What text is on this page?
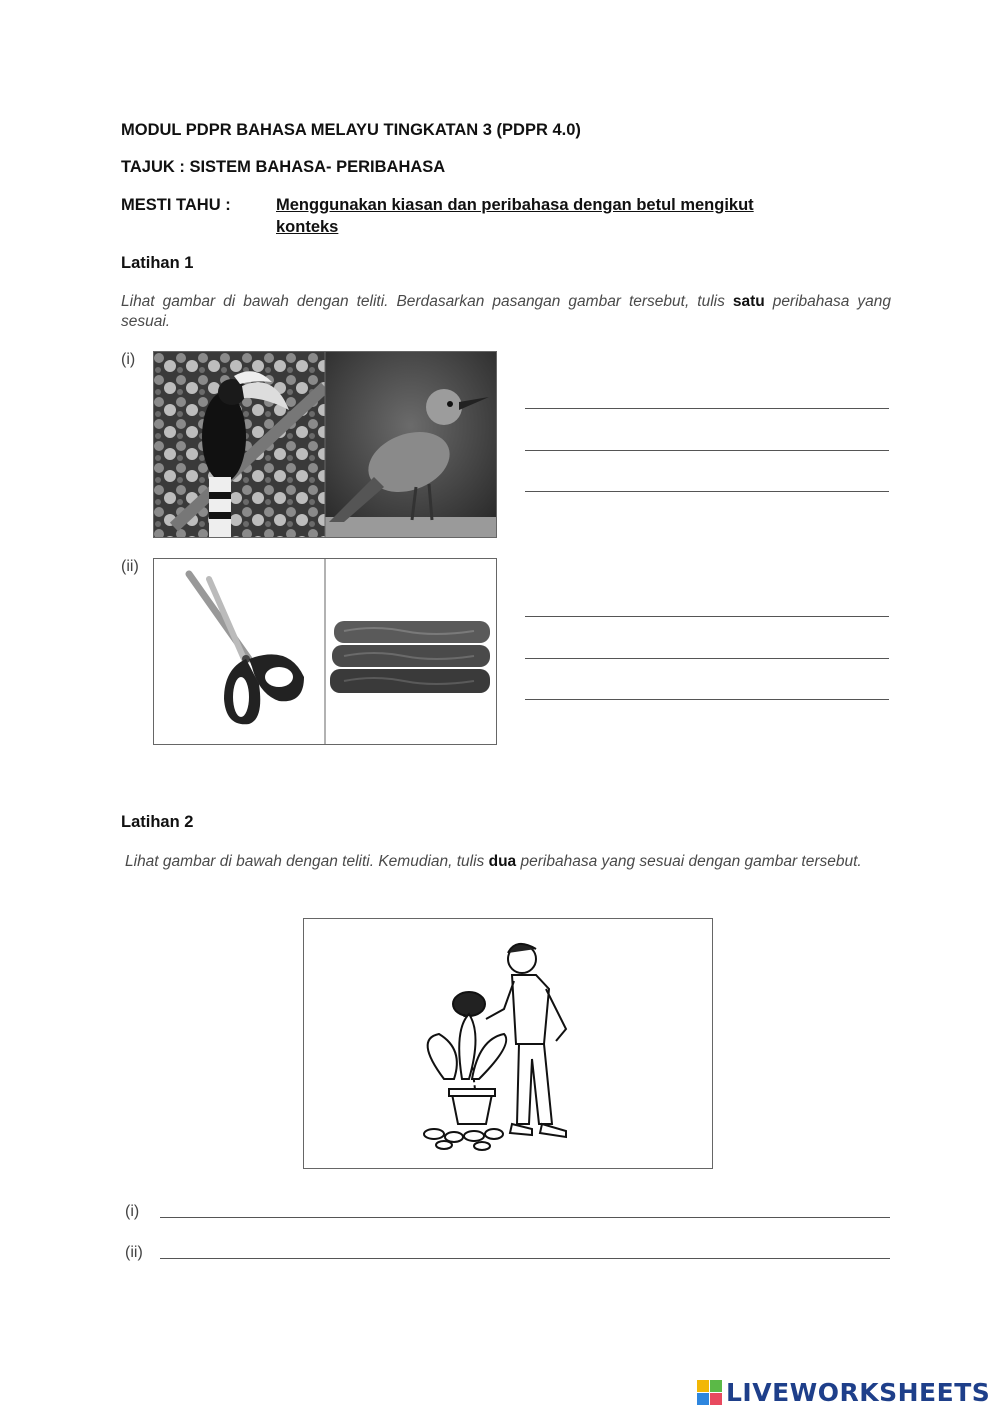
MODUL PDPR BAHASA MELAYU TINGKATAN 3 (PDPR 4.0)
TAJUK : SISTEM BAHASA- PERIBAHASA
MESTI TAHU :	Menggunakan kiasan dan peribahasa dengan betul mengikut
konteks
Latihan 1
Lihat gambar di bawah dengan teliti. Berdasarkan pasangan gambar tersebut, tulis satu peribahasa yang sesuai.
(i)
(ii)
Latihan 2
Lihat gambar di bawah dengan teliti. Kemudian, tulis dua peribahasa yang sesuai dengan gambar tersebut.
(i)
(ii)
LIVEWORKSHEETS
